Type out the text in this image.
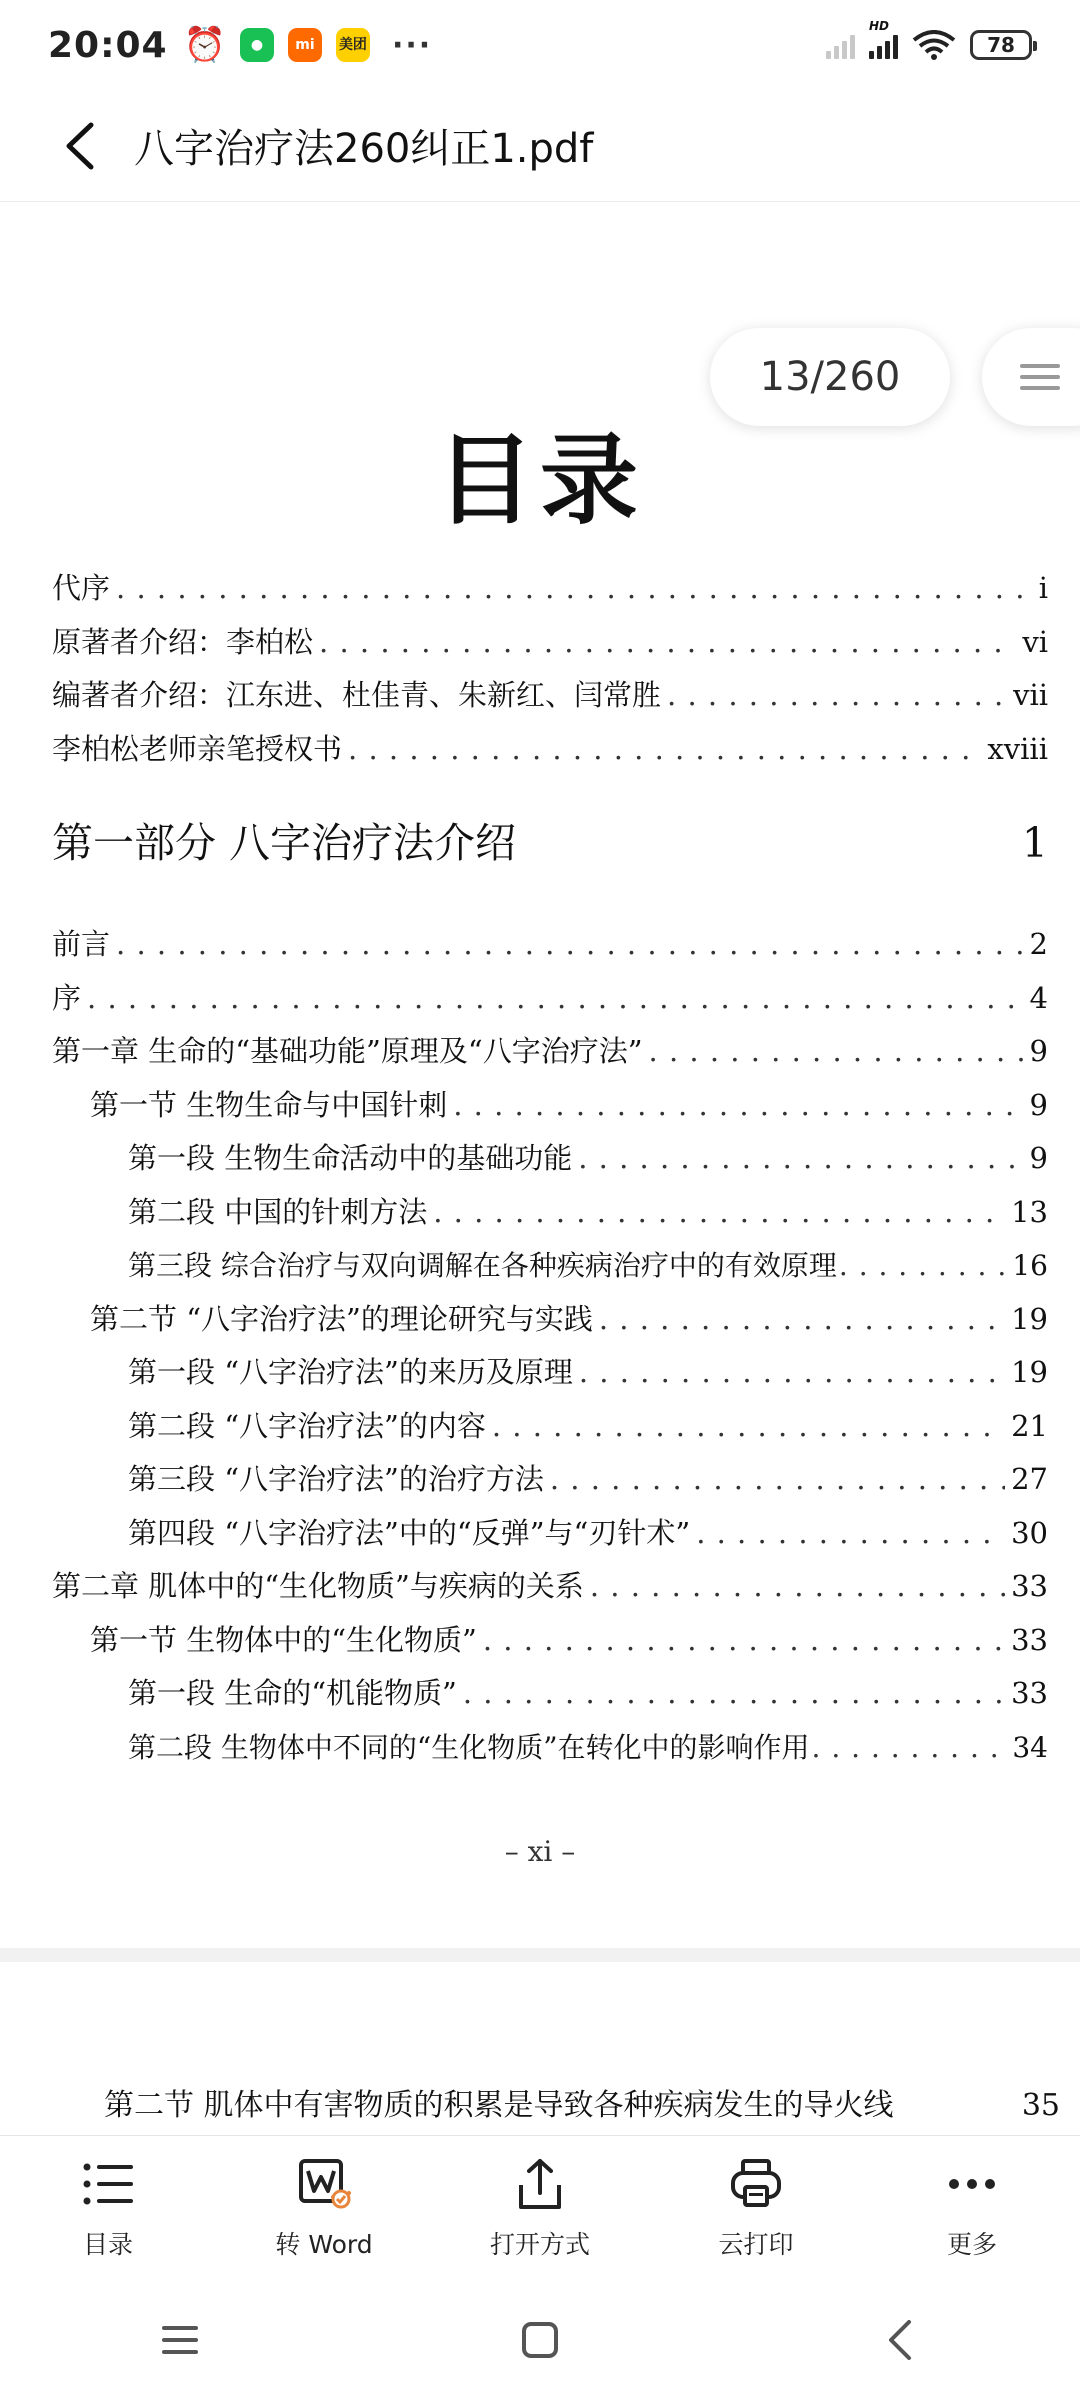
20:04 ⏰	●	mi	美团 ···
HD
78
八字治疗法260纠正1.pdf
13/260
目录
代序 . . .	i
原著者介绍：李柏松 . . .	vi
编著者介绍：江东进、杜佳青、朱新红、闫常胜 . . .	vii
李柏松老师亲笔授权书 . . .	xviii
第一部分 八字治疗法介绍	1
前言 . . .	2
序 . . .	4
第一章 生命的“基础功能”原理及“八字治疗法” . . .	9
第一节 生物生命与中国针刺 . . .	9
第一段 生物生命活动中的基础功能 . . .	9
第二段 中国的针刺方法 . . .	13
第三段 综合治疗与双向调解在各种疾病治疗中的有效原理 . . .	16
第二节 “八字治疗法”的理论研究与实践 . . .	19
第一段 “八字治疗法”的来历及原理 . . .	19
第二段 “八字治疗法”的内容 . . .	21
第三段 “八字治疗法”的治疗方法 . . .	27
第四段 “八字治疗法”中的“反弹”与“刃针术” . . .	30
第二章 肌体中的“生化物质”与疾病的关系 . . .	33
第一节 生物体中的“生化物质” . . .	33
第一段 生命的“机能物质” . . .	33
第二段 生物体中不同的“生化物质”在转化中的影响作用 . . .	34
– xi –
第二节 肌体中有害物质的积累是导致各种疾病发生的导火线	35
目录	转 Word	打开方式	云打印	更多
